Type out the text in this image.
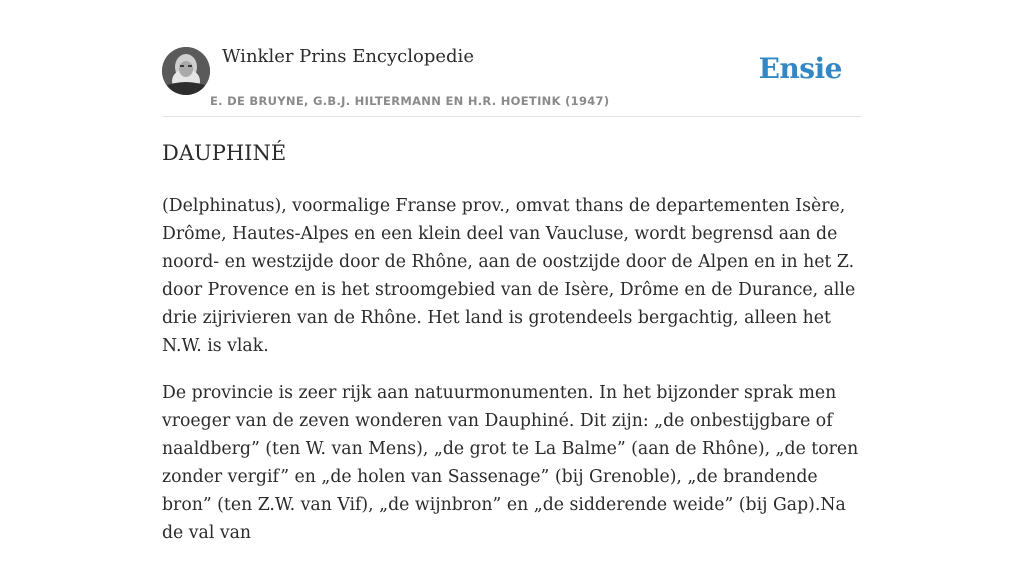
Winkler Prins Encyclopedie
E. DE BRUYNE, G.B.J. HILTERMANN EN H.R. HOETINK (1947)
Ensie
DAUPHINÉ

(Delphinatus), voormalige Franse prov., omvat thans de departementen Isère, Drôme, Hautes-Alpes en een klein deel van Vaucluse, wordt begrensd aan de noord- en westzijde door de Rhône, aan de oostzijde door de Alpen en in het Z. door Provence en is het stroomgebied van de Isère, Drôme en de Durance, alle drie zijrivieren van de Rhône. Het land is grotendeels bergachtig, alleen het N.W. is vlak.

De provincie is zeer rijk aan natuurmonumenten. In het bijzonder sprak men vroeger van de zeven wonderen van Dauphiné. Dit zijn: „de onbestijgbare of naaldberg” (ten W. van Mens), „de grot te La Balme” (aan de Rhône), „de toren zonder vergif” en „de holen van Sassenage” (bij Grenoble), „de brandende bron” (ten Z.W. van Vif), „de wijnbron” en „de sidderende weide” (bij Gap).Na de val van
